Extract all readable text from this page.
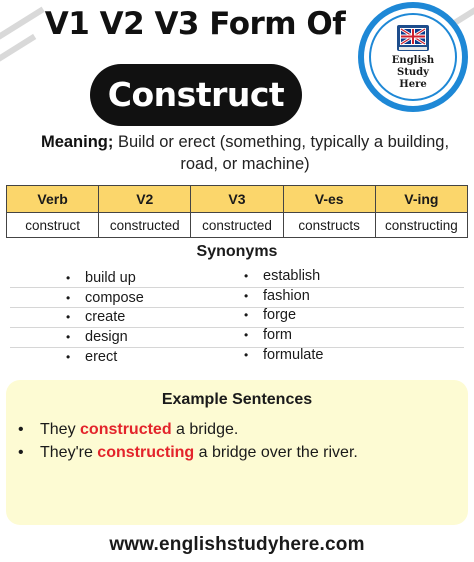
V1 V2 V3 Form Of
Construct
English Study
Here
Meaning; Build or erect (something, typically a building, road, or machine)
Verb	V2	V3	V-es	V-ing
construct	constructed	constructed	constructs	constructing
Synonyms
•	build up
•	compose
•	create
•	design
•	erect
•	establish
•	fashion
•	forge
•	form
•	formulate
Example Sentences
•	They constructed a bridge.
•	They're constructing a bridge over the river.
www.englishstudyhere.com
